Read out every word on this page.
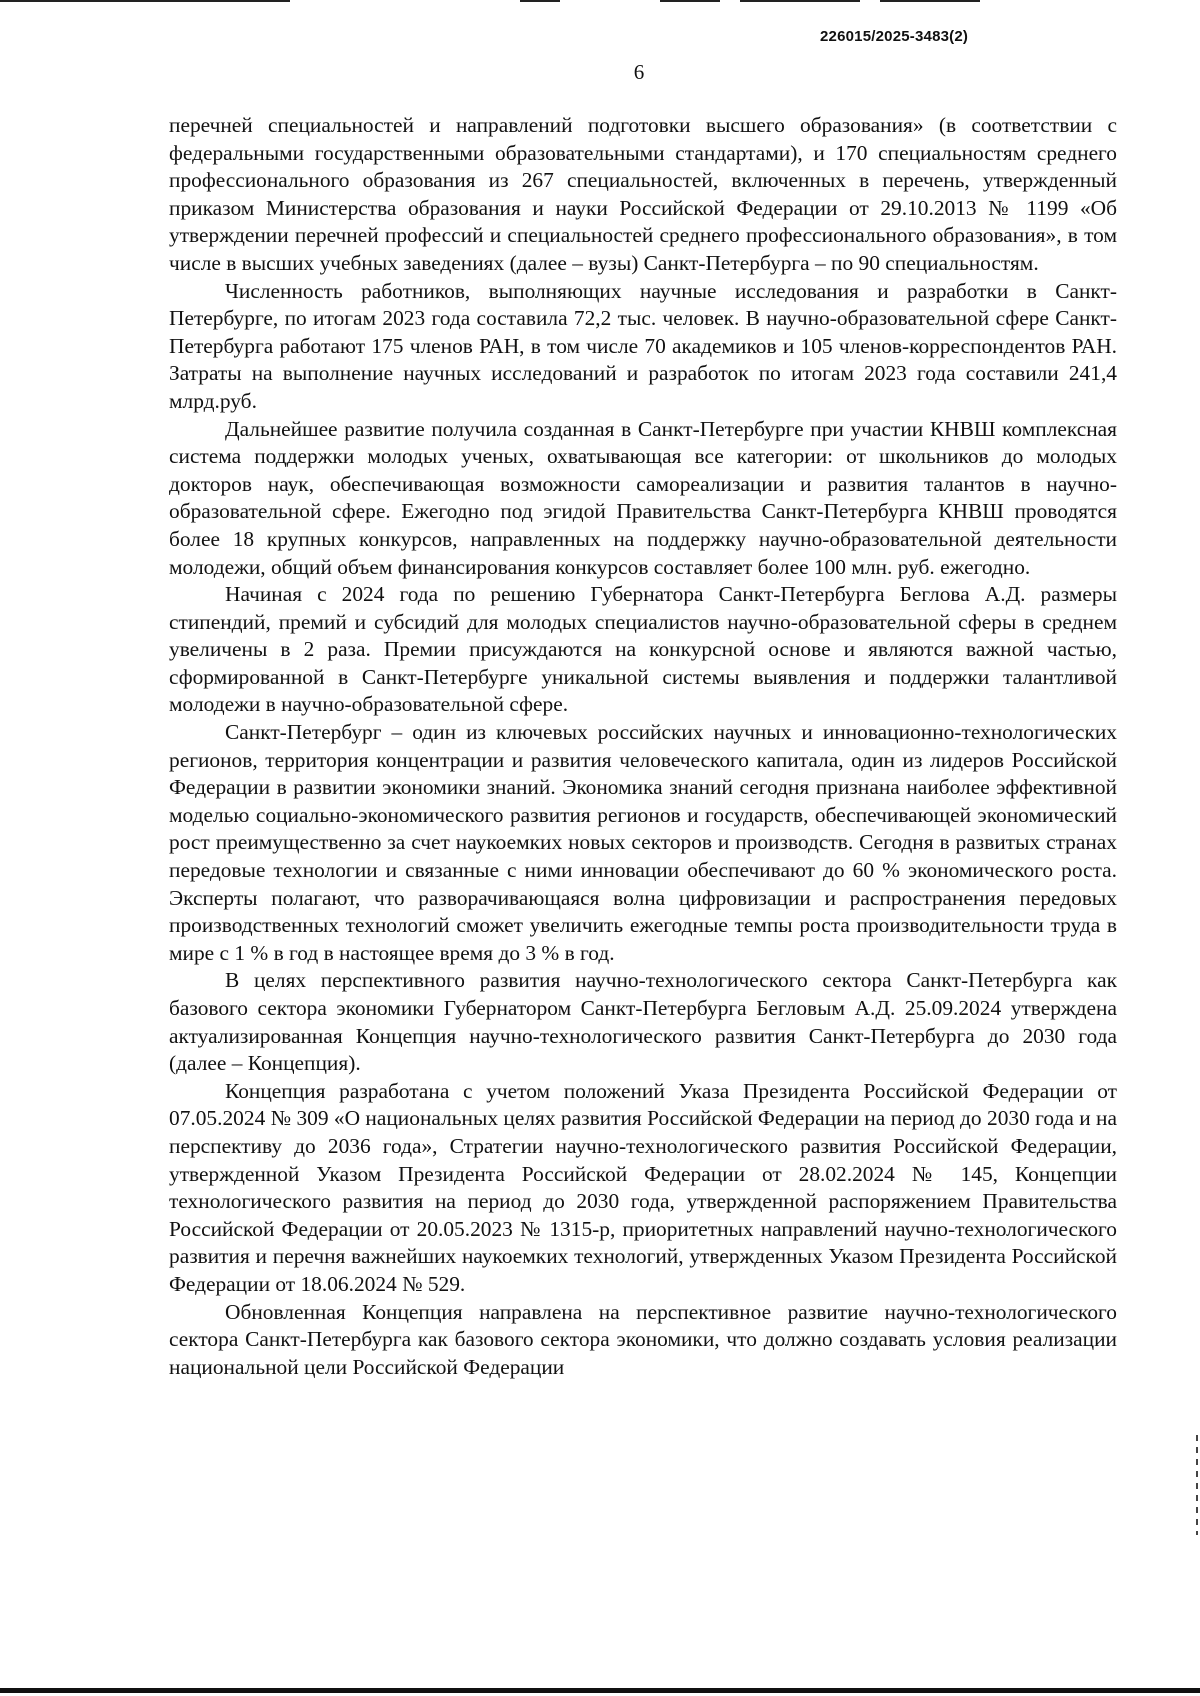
226015/2025-3483(2)
6

перечней специальностей и направлений подготовки высшего образования» (в соответствии с федеральными государственными образовательными стандартами), и 170 специальностям среднего профессионального образования из 267 специальностей, включенных в перечень, утвержденный приказом Министерства образования и науки Российской Федерации от 29.10.2013 № 1199 «Об утверждении перечней профессий и специальностей среднего профессионального образования», в том числе в высших учебных заведениях (далее – вузы) Санкт-Петербурга – по 90 специальностям.

Численность работников, выполняющих научные исследования и разработки в Санкт-Петербурге, по итогам 2023 года составила 72,2 тыс. человек. В научно-образовательной сфере Санкт-Петербурга работают 175 членов РАН, в том числе 70 академиков и 105 членов-корреспондентов РАН. Затраты на выполнение научных исследований и разработок по итогам 2023 года составили 241,4 млрд.руб.

Дальнейшее развитие получила созданная в Санкт-Петербурге при участии КНВШ комплексная система поддержки молодых ученых, охватывающая все категории: от школьников до молодых докторов наук, обеспечивающая возможности самореализации и развития талантов в научно-образовательной сфере. Ежегодно под эгидой Правительства Санкт-Петербурга КНВШ проводятся более 18 крупных конкурсов, направленных на поддержку научно-образовательной деятельности молодежи, общий объем финансирования конкурсов составляет более 100 млн. руб. ежегодно.

Начиная с 2024 года по решению Губернатора Санкт-Петербурга Беглова А.Д. размеры стипендий, премий и субсидий для молодых специалистов научно-образовательной сферы в среднем увеличены в 2 раза. Премии присуждаются на конкурсной основе и являются важной частью, сформированной в Санкт-Петербурге уникальной системы выявления и поддержки талантливой молодежи в научно-образовательной сфере.

Санкт-Петербург – один из ключевых российских научных и инновационно-технологических регионов, территория концентрации и развития человеческого капитала, один из лидеров Российской Федерации в развитии экономики знаний. Экономика знаний сегодня признана наиболее эффективной моделью социально-экономического развития регионов и государств, обеспечивающей экономический рост преимущественно за счет наукоемких новых секторов и производств. Сегодня в развитых странах передовые технологии и связанные с ними инновации обеспечивают до 60 % экономического роста. Эксперты полагают, что разворачивающаяся волна цифровизации и распространения передовых производственных технологий сможет увеличить ежегодные темпы роста производительности труда в мире с 1 % в год в настоящее время до 3 % в год.

В целях перспективного развития научно-технологического сектора Санкт-Петербурга как базового сектора экономики Губернатором Санкт-Петербурга Бегловым А.Д. 25.09.2024 утверждена актуализированная Концепция научно-технологического развития Санкт-Петербурга до 2030 года (далее – Концепция).

Концепция разработана с учетом положений Указа Президента Российской Федерации от 07.05.2024 № 309 «О национальных целях развития Российской Федерации на период до 2030 года и на перспективу до 2036 года», Стратегии научно-технологического развития Российской Федерации, утвержденной Указом Президента Российской Федерации от 28.02.2024 № 145, Концепции технологического развития на период до 2030 года, утвержденной распоряжением Правительства Российской Федерации от 20.05.2023 № 1315-р, приоритетных направлений научно-технологического развития и перечня важнейших наукоемких технологий, утвержденных Указом Президента Российской Федерации от 18.06.2024 № 529.

Обновленная Концепция направлена на перспективное развитие научно-технологического сектора Санкт-Петербурга как базового сектора экономики, что должно создавать условия реализации национальной цели Российской Федерации
